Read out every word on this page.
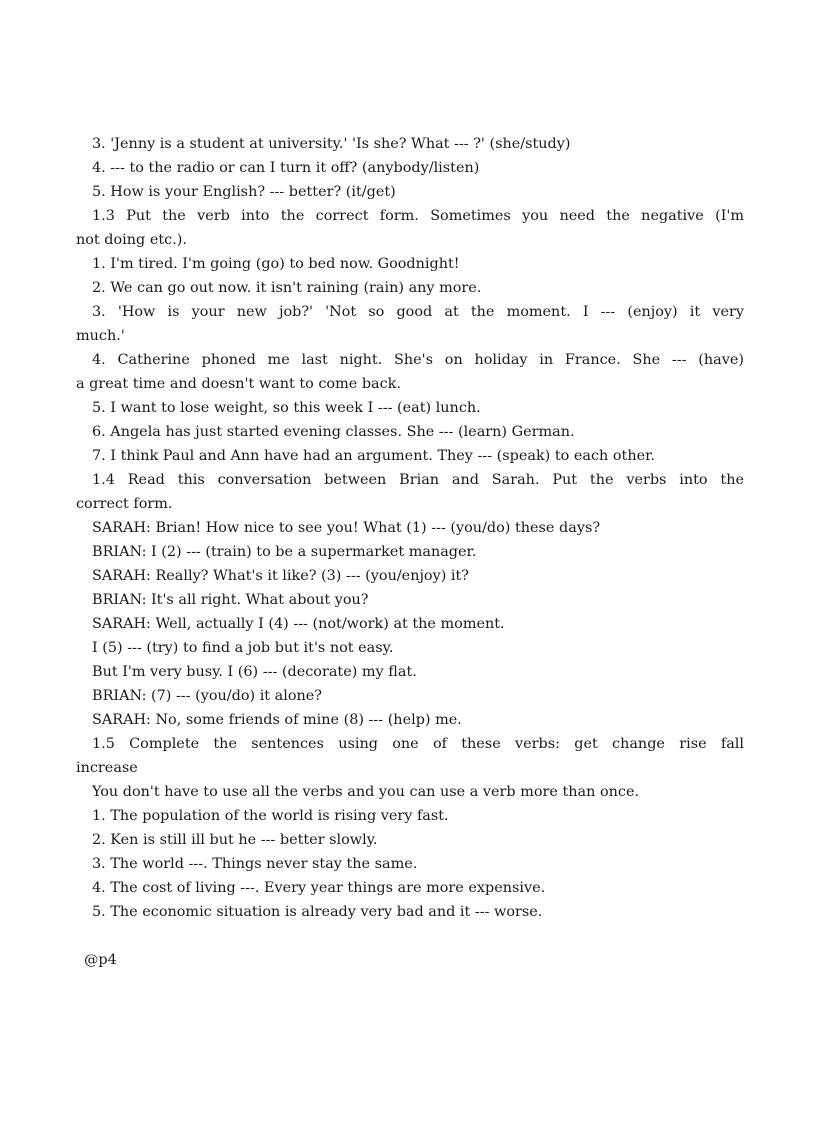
3. 'Jenny is a student at university.' 'Is she? What --- ?' (she/study)
4. --- to the radio or can I turn it off? (anybody/listen)
5. How is your English? --- better? (it/get)
1.3 Put the verb into the correct form. Sometimes you need the negative (I'm
not doing etc.).
1. I'm tired. I'm going (go) to bed now. Goodnight!
2. We can go out now. it isn't raining (rain) any more.
3. 'How is your new job?' 'Not so good at the moment. I --- (enjoy) it very
much.'
4. Catherine phoned me last night. She's on holiday in France. She --- (have)
a great time and doesn't want to come back.
5. I want to lose weight, so this week I --- (eat) lunch.
6. Angela has just started evening classes. She --- (learn) German.
7. I think Paul and Ann have had an argument. They --- (speak) to each other.
1.4 Read this conversation between Brian and Sarah. Put the verbs into the
correct form.
SARAH: Brian! How nice to see you! What (1) --- (you/do) these days?
BRIAN: I (2) --- (train) to be a supermarket manager.
SARAH: Really? What's it like? (3) --- (you/enjoy) it?
BRIAN: It's all right. What about you?
SARAH: Well, actually I (4) --- (not/work) at the moment.
I (5) --- (try) to find a job but it's not easy.
But I'm very busy. I (6) --- (decorate) my flat.
BRIAN: (7) --- (you/do) it alone?
SARAH: No, some friends of mine (8) --- (help) me.
1.5 Complete the sentences using one of these verbs: get change rise fall
increase
You don't have to use all the verbs and you can use a verb more than once.
1. The population of the world is rising very fast.
2. Ken is still ill but he --- better slowly.
3. The world ---. Things never stay the same.
4. The cost of living ---. Every year things are more expensive.
5. The economic situation is already very bad and it --- worse.
@p4
